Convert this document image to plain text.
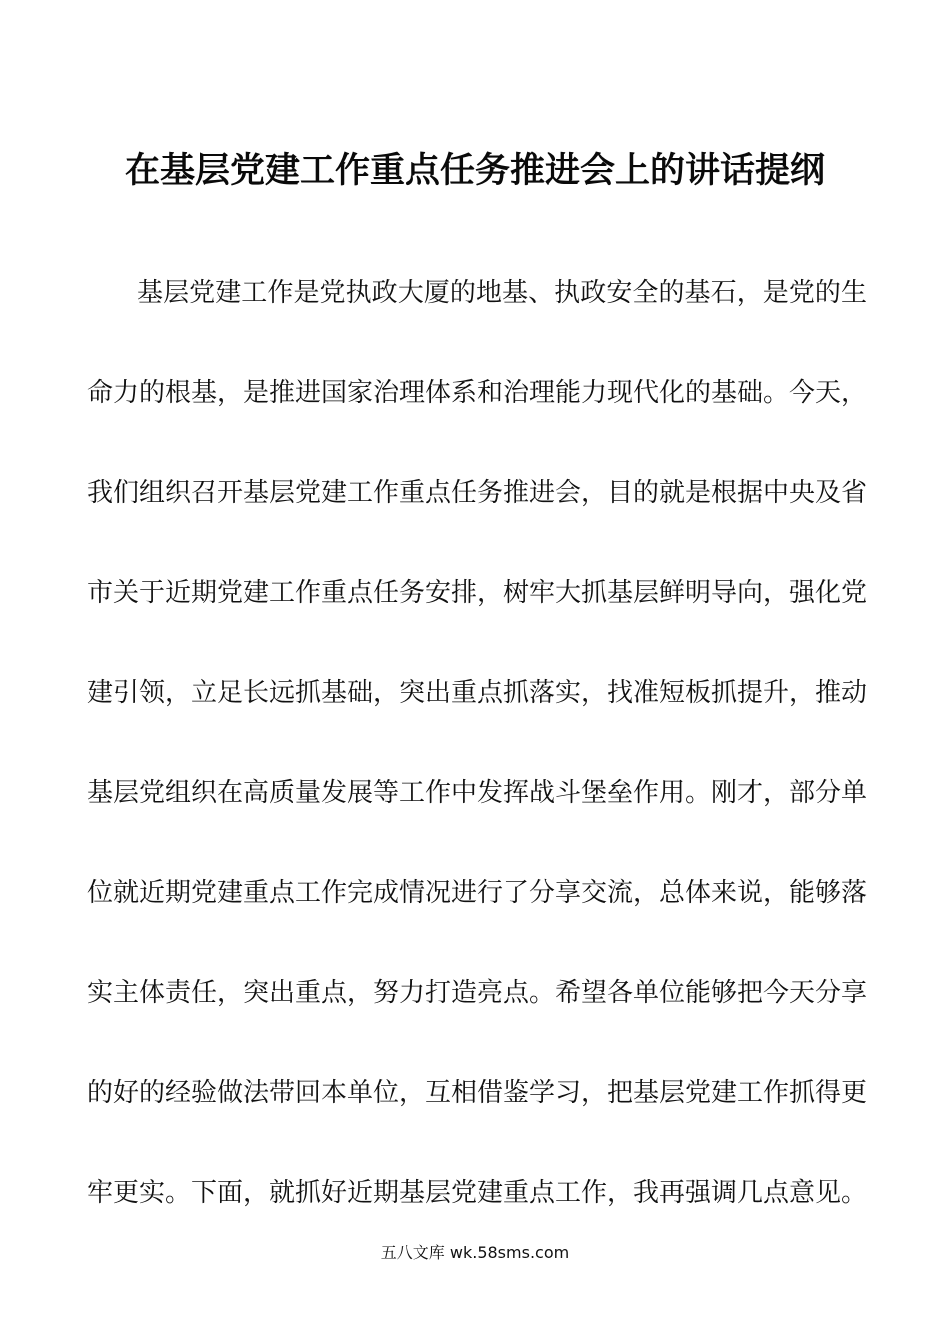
在基层党建工作重点任务推进会上的讲话提纲
基层党建工作是党执政大厦的地基、执政安全的基石，是党的生
命力的根基，是推进国家治理体系和治理能力现代化的基础。今天，
我们组织召开基层党建工作重点任务推进会，目的就是根据中央及省
市关于近期党建工作重点任务安排，树牢大抓基层鲜明导向，强化党
建引领，立足长远抓基础，突出重点抓落实，找准短板抓提升，推动
基层党组织在高质量发展等工作中发挥战斗堡垒作用。刚才，部分单
位就近期党建重点工作完成情况进行了分享交流，总体来说，能够落
实主体责任，突出重点，努力打造亮点。希望各单位能够把今天分享
的好的经验做法带回本单位，互相借鉴学习，把基层党建工作抓得更
牢更实。下面，就抓好近期基层党建重点工作，我再强调几点意见。
五八文库 wk.58sms.com
